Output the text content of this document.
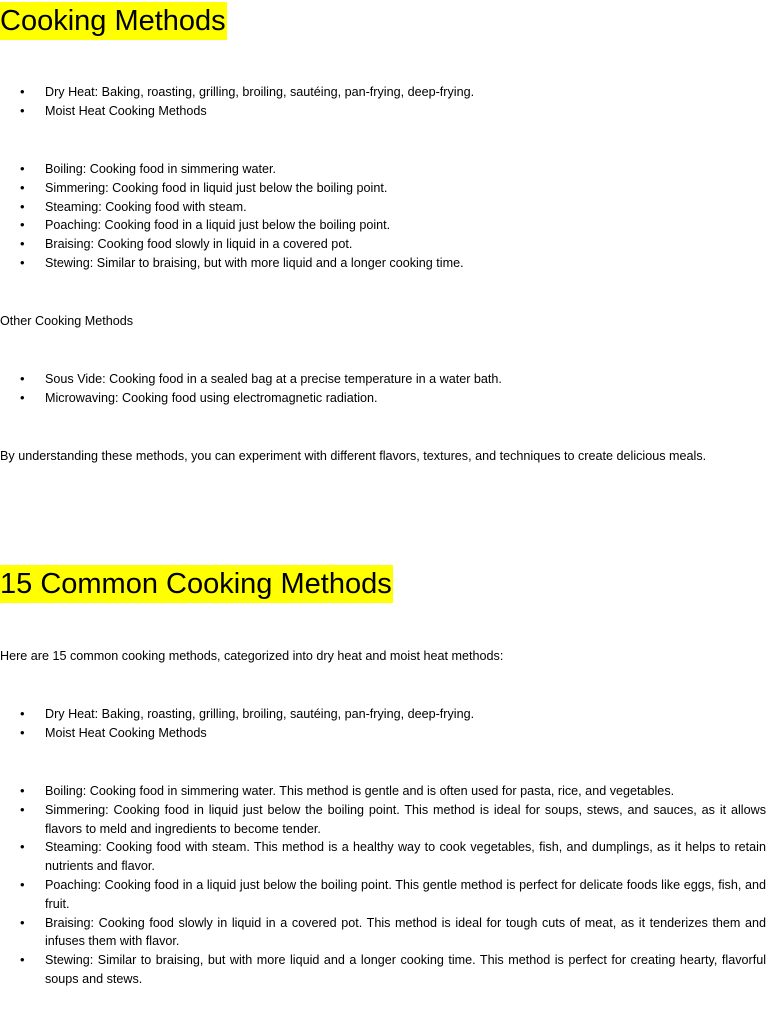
Cooking Methods
• Dry Heat: Baking, roasting, grilling, broiling, sautéing, pan-frying, deep-frying.
• Moist Heat Cooking Methods
• Boiling: Cooking food in simmering water.
• Simmering: Cooking food in liquid just below the boiling point.
• Steaming: Cooking food with steam.
• Poaching: Cooking food in a liquid just below the boiling point.
• Braising: Cooking food slowly in liquid in a covered pot.
• Stewing: Similar to braising, but with more liquid and a longer cooking time.

Other Cooking Methods

• Sous Vide: Cooking food in a sealed bag at a precise temperature in a water bath.
• Microwaving: Cooking food using electromagnetic radiation.

By understanding these methods, you can experiment with different flavors, textures, and techniques to create delicious meals.

15 Common Cooking Methods

Here are 15 common cooking methods, categorized into dry heat and moist heat methods:

• Dry Heat: Baking, roasting, grilling, broiling, sautéing, pan-frying, deep-frying.
• Moist Heat Cooking Methods
• Boiling: Cooking food in simmering water. This method is gentle and is often used for pasta, rice, and vegetables.
• Simmering: Cooking food in liquid just below the boiling point. This method is ideal for soups, stews, and sauces, as it allows flavors to meld and ingredients to become tender.
• Steaming: Cooking food with steam. This method is a healthy way to cook vegetables, fish, and dumplings, as it helps to retain nutrients and flavor.
• Poaching: Cooking food in a liquid just below the boiling point. This gentle method is perfect for delicate foods like eggs, fish, and fruit.
• Braising: Cooking food slowly in liquid in a covered pot. This method is ideal for tough cuts of meat, as it tenderizes them and infuses them with flavor.
• Stewing: Similar to braising, but with more liquid and a longer cooking time. This method is perfect for creating hearty, flavorful soups and stews.
